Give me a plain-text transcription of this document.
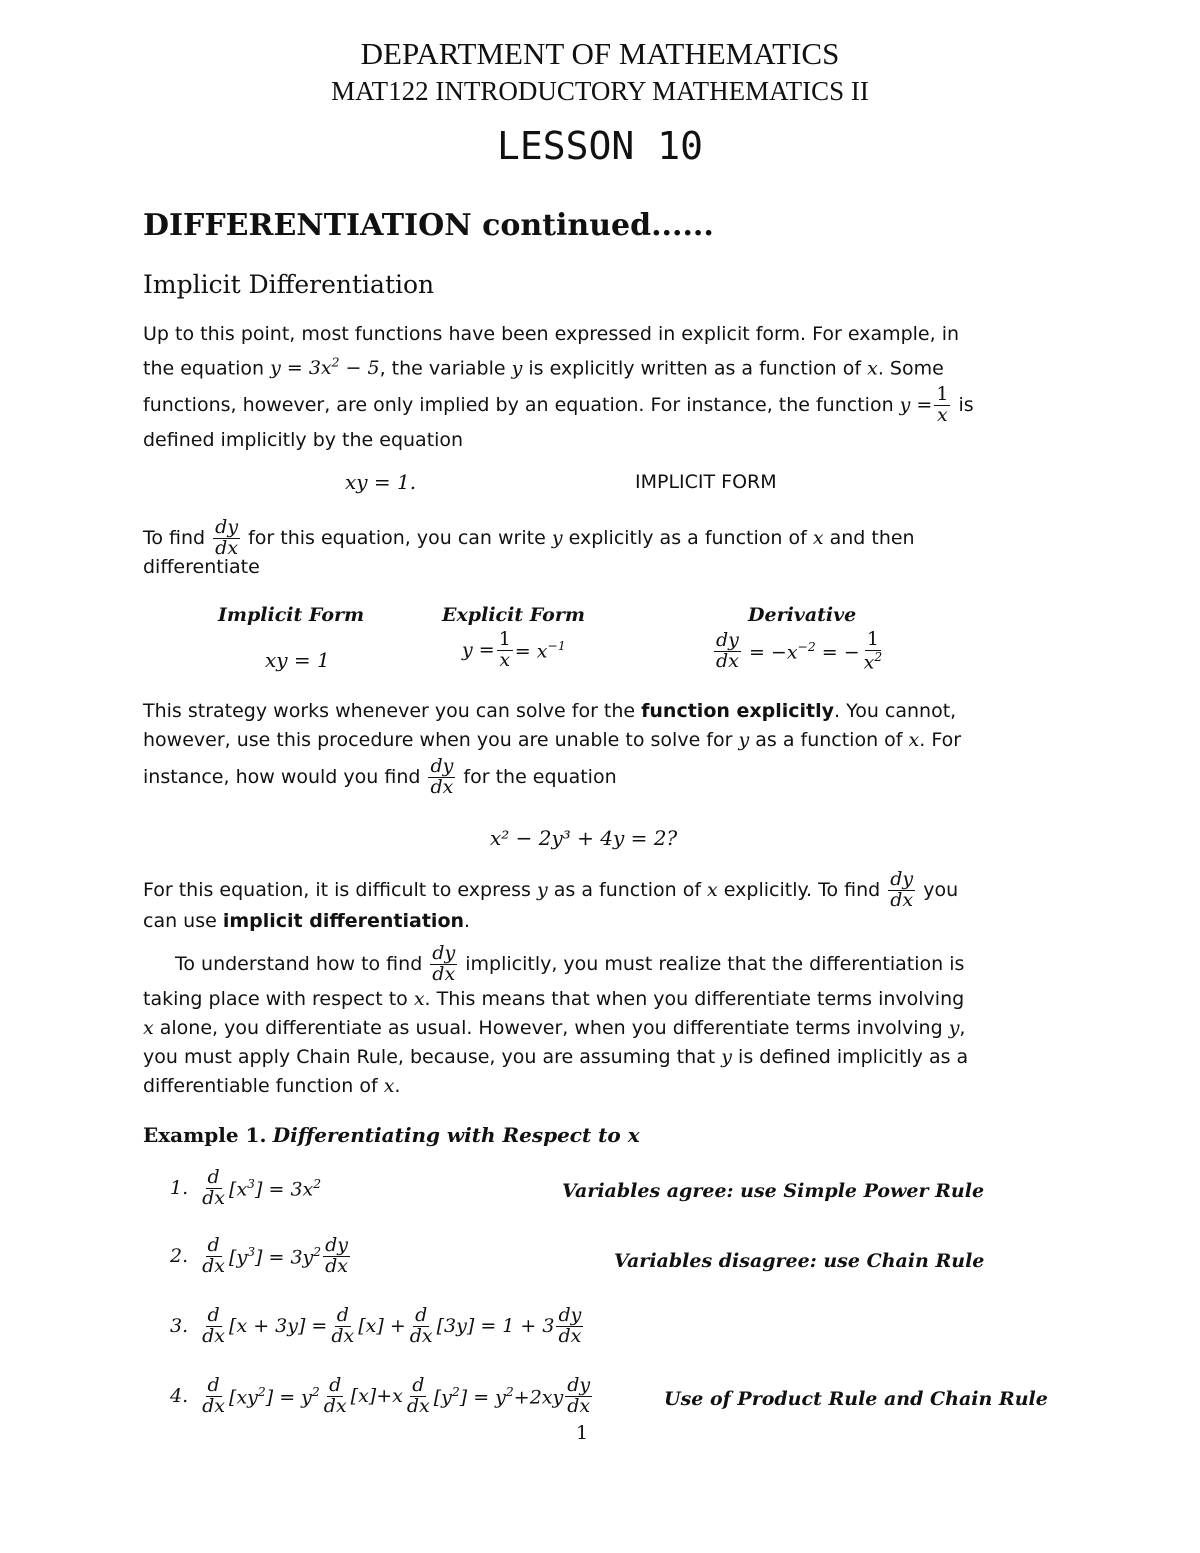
DEPARTMENT OF MATHEMATICS
MAT122 INTRODUCTORY MATHEMATICS II
LESSON 10
DIFFERENTIATION continued......
Implicit Differentiation
Up to this point, most functions have been expressed in explicit form. For example, in
the equation $y = 3x^2 - 5$, the variable y is explicitly written as a function of x. Some
functions, however, are only implied by an equation. For instance, the function $y = \frac{1}{x}$ is
defined implicitly by the equation
xy = 1.	IMPLICIT FORM
To find $\frac{dy}{dx}$ for this equation, you can write y explicitly as a function of x and then
differentiate
Implicit Form	Explicit Form	Derivative
xy = 1	$y = \frac{1}{x} = x^{-1}$	$\frac{dy}{dx} = -x^{-2}$ = − $\frac{1}{x^2}$
This strategy works whenever you can solve for the function explicitly. You cannot,
however, use this procedure when you are unable to solve for y as a function of x. For
instance, how would you find $\frac{dy}{dx}$ for the equation
x² − 2y³ + 4y = 2?
For this equation, it is difficult to express y as a function of x explicitly. To find $\frac{dy}{dx}$ you
can use implicit differentiation.
To understand how to find $\frac{dy}{dx}$ implicitly, you must realize that the differentiation is
taking place with respect to x. This means that when you differentiate terms involving
x alone, you differentiate as usual. However, when you differentiate terms involving y,
you must apply Chain Rule, because, you are assuming that y is defined implicitly as a
differentiable function of x.
Example 1. Differentiating with Respect to x
1. $\frac{d}{dx} [x^3] = 3x^2$	Variables agree: use Simple Power Rule
2. $\frac{d}{dx} [y^3] = 3y^2 \frac{dy}{dx}$	Variables disagree: use Chain Rule
3. $\frac{d}{dx} [x + 3y] = \frac{d}{dx} [x] + \frac{d}{dx} [3y] = 1 + 3 \frac{dy}{dx}$
4. $\frac{d}{dx} [xy^2] = y^2 \frac{d}{dx} [x]+x \frac{d}{dx} [y^2] = y^2+2xy \frac{dy}{dx}$	Use of Product Rule and Chain Rule
1
